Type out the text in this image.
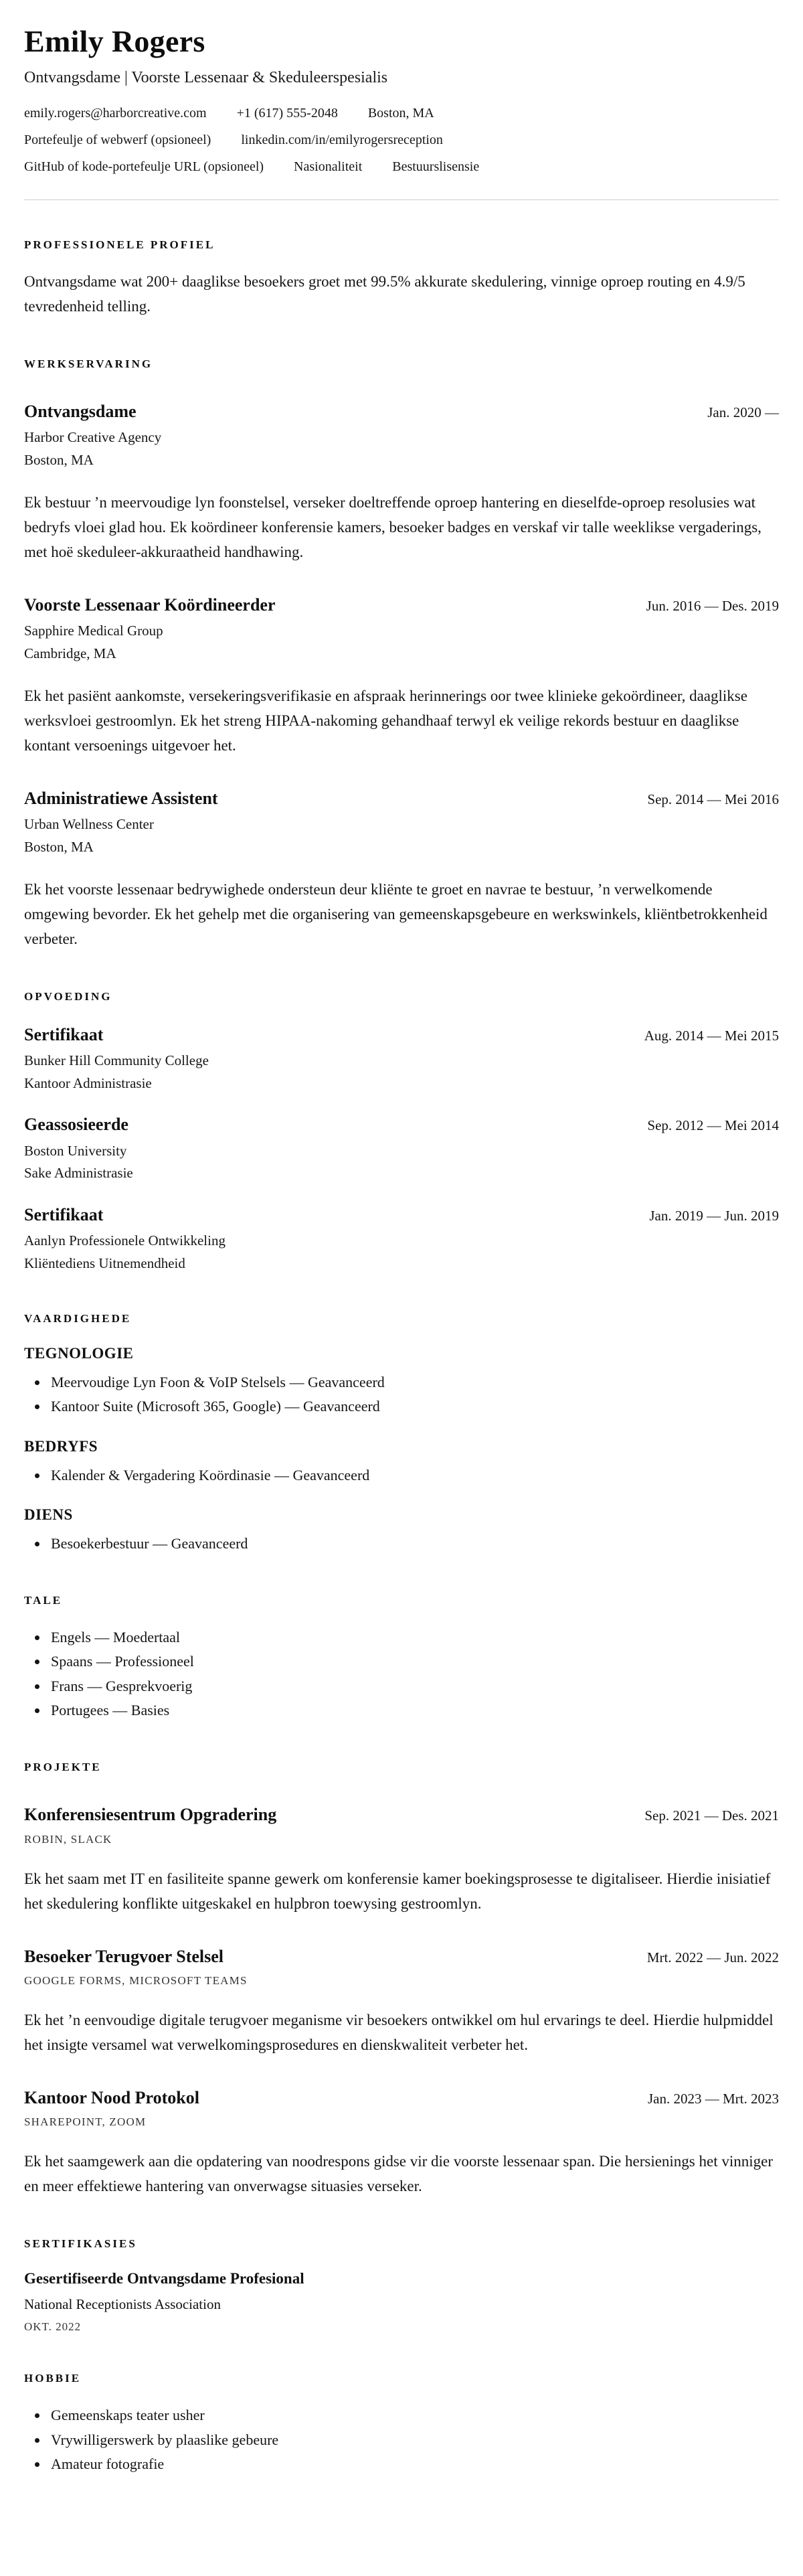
Emily Rogers
Ontvangsdame | Voorste Lessenaar & Skeduleerspesialis
emily.rogers@harborcreative.com +1 (617) 555-2048 Boston, MA
Portefeulje of webwerf (opsioneel) linkedin.com/in/emilyrogersreception
GitHub of kode-portefeulje URL (opsioneel) Nasionaliteit Bestuurslisensie
PROFESSIONELE PROFIEL
Ontvangsdame wat 200+ daaglikse besoekers groet met 99.5% akkurate skedulering, vinnige oproep routing en 4.9/5 tevredenheid telling.
WERKSERVARING
Ontvangsdame	Jan. 2020 —
Harbor Creative Agency
Boston, MA
Ek bestuur ’n meervoudige lyn foonstelsel, verseker doeltreffende oproep hantering en dieselfde-oproep resolusies wat bedryfs vloei glad hou. Ek koördineer konferensie kamers, besoeker badges en verskaf vir talle weeklikse vergaderings, met hoë skeduleer-akkuraatheid handhawing.
Voorste Lessenaar Koördineerder	Jun. 2016 — Des. 2019
Sapphire Medical Group
Cambridge, MA
Ek het pasiënt aankomste, versekeringsverifikasie en afspraak herinnerings oor twee klinieke gekoördineer, daaglikse werksvloei gestroomlyn. Ek het streng HIPAA-nakoming gehandhaaf terwyl ek veilige rekords bestuur en daaglikse kontant versoenings uitgevoer het.
Administratiewe Assistent	Sep. 2014 — Mei 2016
Urban Wellness Center
Boston, MA
Ek het voorste lessenaar bedrywighede ondersteun deur kliënte te groet en navrae te bestuur, ’n verwelkomende omgewing bevorder. Ek het gehelp met die organisering van gemeenskapsgebeure en werkswinkels, kliëntbetrokkenheid verbeter.
OPVOEDING
Sertifikaat	Aug. 2014 — Mei 2015
Bunker Hill Community College
Kantoor Administrasie
Geassosieerde	Sep. 2012 — Mei 2014
Boston University
Sake Administrasie
Sertifikaat	Jan. 2019 — Jun. 2019
Aanlyn Professionele Ontwikkeling
Kliëntediens Uitnemendheid
VAARDIGHEDE
TEGNOLOGIE
• Meervoudige Lyn Foon & VoIP Stelsels — Geavanceerd
• Kantoor Suite (Microsoft 365, Google) — Geavanceerd
BEDRYFS
• Kalender & Vergadering Koördinasie — Geavanceerd
DIENS
• Besoekerbestuur — Geavanceerd
TALE
• Engels — Moedertaal
• Spaans — Professioneel
• Frans — Gesprekvoerig
• Portugees — Basies
PROJEKTE
Konferensiesentrum Opgradering	Sep. 2021 — Des. 2021
ROBIN, SLACK
Ek het saam met IT en fasiliteite spanne gewerk om konferensie kamer boekingsprosesse te digitaliseer. Hierdie inisiatief het skedulering konflikte uitgeskakel en hulpbron toewysing gestroomlyn.
Besoeker Terugvoer Stelsel	Mrt. 2022 — Jun. 2022
GOOGLE FORMS, MICROSOFT TEAMS
Ek het ’n eenvoudige digitale terugvoer meganisme vir besoekers ontwikkel om hul ervarings te deel. Hierdie hulpmiddel het insigte versamel wat verwelkomingsprosedures en dienskwaliteit verbeter het.
Kantoor Nood Protokol	Jan. 2023 — Mrt. 2023
SHAREPOINT, ZOOM
Ek het saamgewerk aan die opdatering van noodrespons gidse vir die voorste lessenaar span. Die hersienings het vinniger en meer effektiewe hantering van onverwagse situasies verseker.
SERTIFIKASIES
Gesertifiseerde Ontvangsdame Profesional
National Receptionists Association
OKT. 2022
HOBBIE
• Gemeenskaps teater usher
• Vrywilligerswerk by plaaslike gebeure
• Amateur fotografie
